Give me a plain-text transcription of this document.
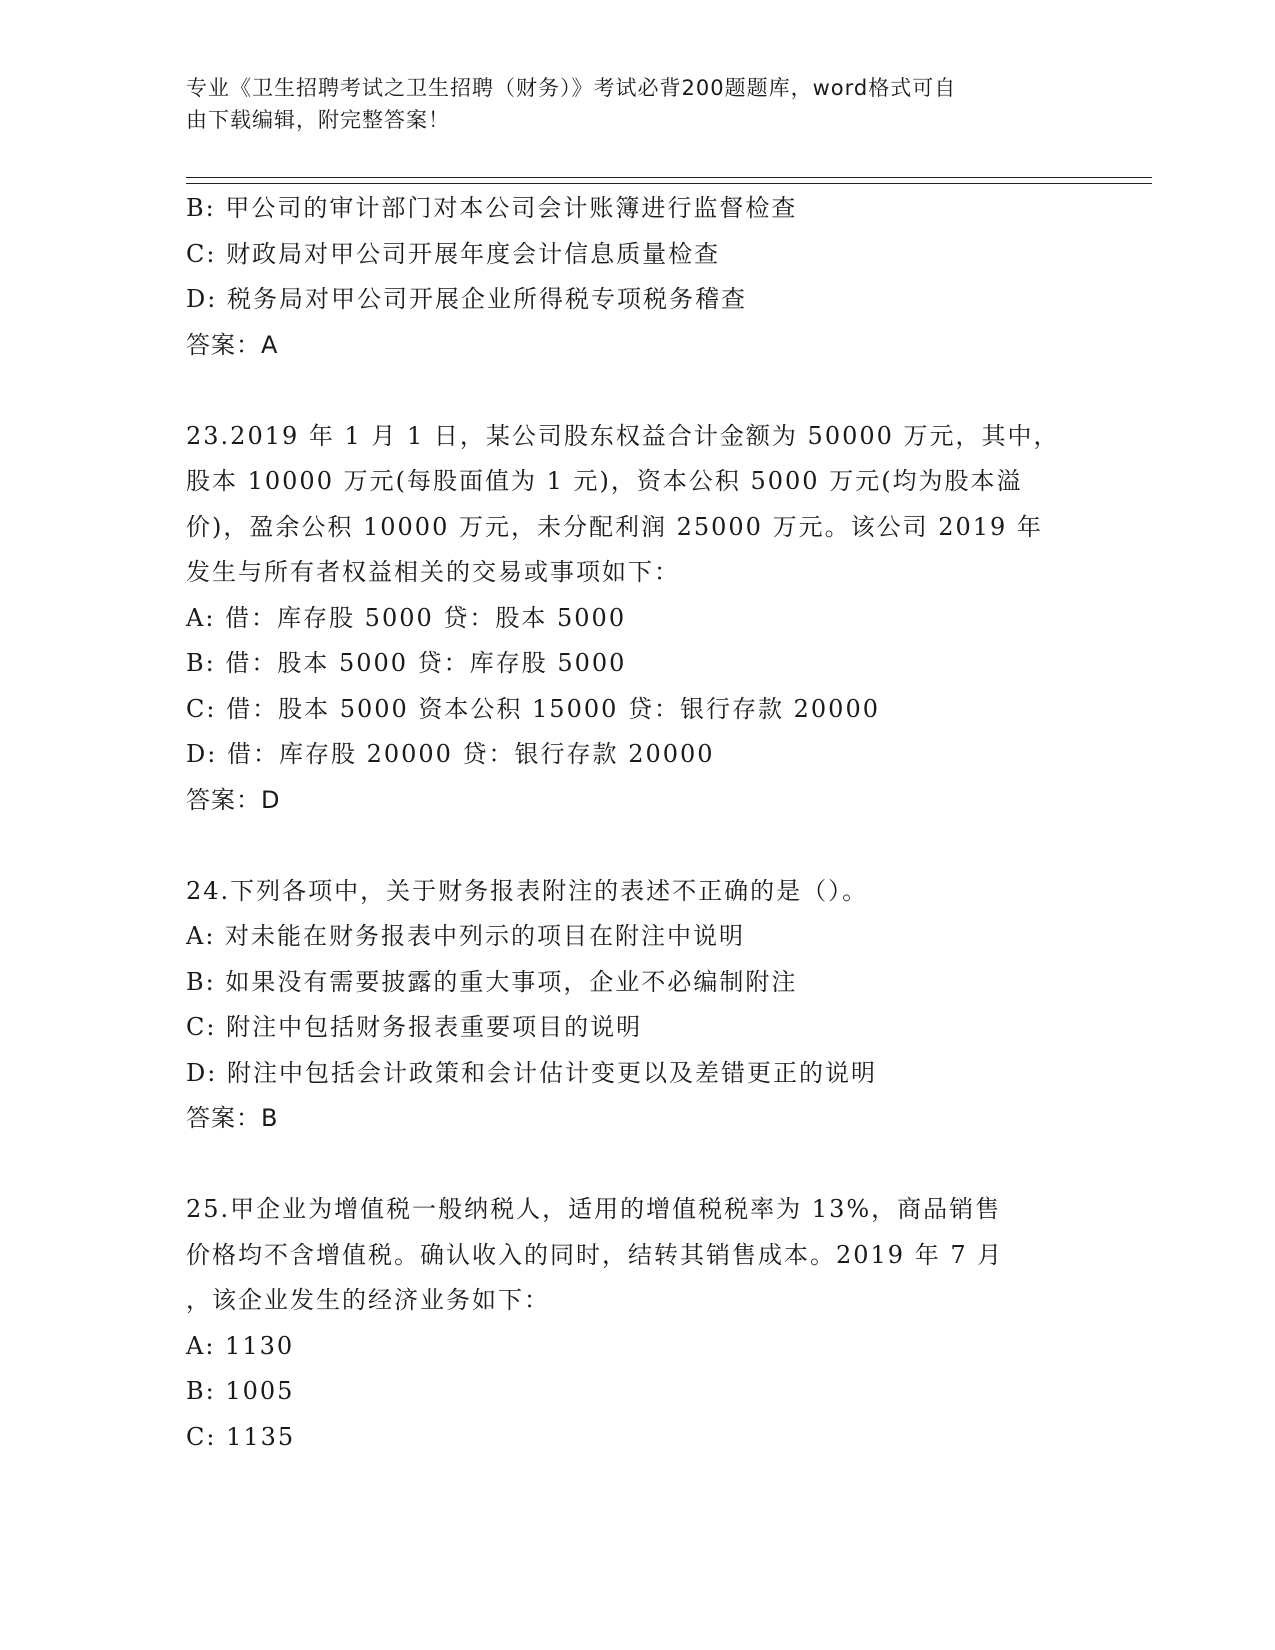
专业《卫生招聘考试之卫生招聘（财务）》考试必背200题题库，word格式可自
由下载编辑，附完整答案！
B: 甲公司的审计部门对本公司会计账簿进行监督检查
C: 财政局对甲公司开展年度会计信息质量检查
D: 税务局对甲公司开展企业所得税专项税务稽查
答案：A
23.2019 年 1 月 1 日，某公司股东权益合计金额为 50000 万元，其中，
股本 10000 万元(每股面值为 1 元)，资本公积 5000 万元(均为股本溢
价)，盈余公积 10000 万元，未分配利润 25000 万元。该公司 2019 年
发生与所有者权益相关的交易或事项如下：
A: 借：库存股 5000 贷：股本 5000
B: 借：股本 5000 贷：库存股 5000
C: 借：股本 5000 资本公积 15000 贷：银行存款 20000
D: 借：库存股 20000 贷：银行存款 20000
答案：D
24.下列各项中，关于财务报表附注的表述不正确的是（）。
A: 对未能在财务报表中列示的项目在附注中说明
B: 如果没有需要披露的重大事项，企业不必编制附注
C: 附注中包括财务报表重要项目的说明
D: 附注中包括会计政策和会计估计变更以及差错更正的说明
答案：B
25.甲企业为增值税一般纳税人，适用的增值税税率为 13%，商品销售
价格均不含增值税。确认收入的同时，结转其销售成本。2019 年 7 月
，该企业发生的经济业务如下：
A: 1130
B: 1005
C: 1135
